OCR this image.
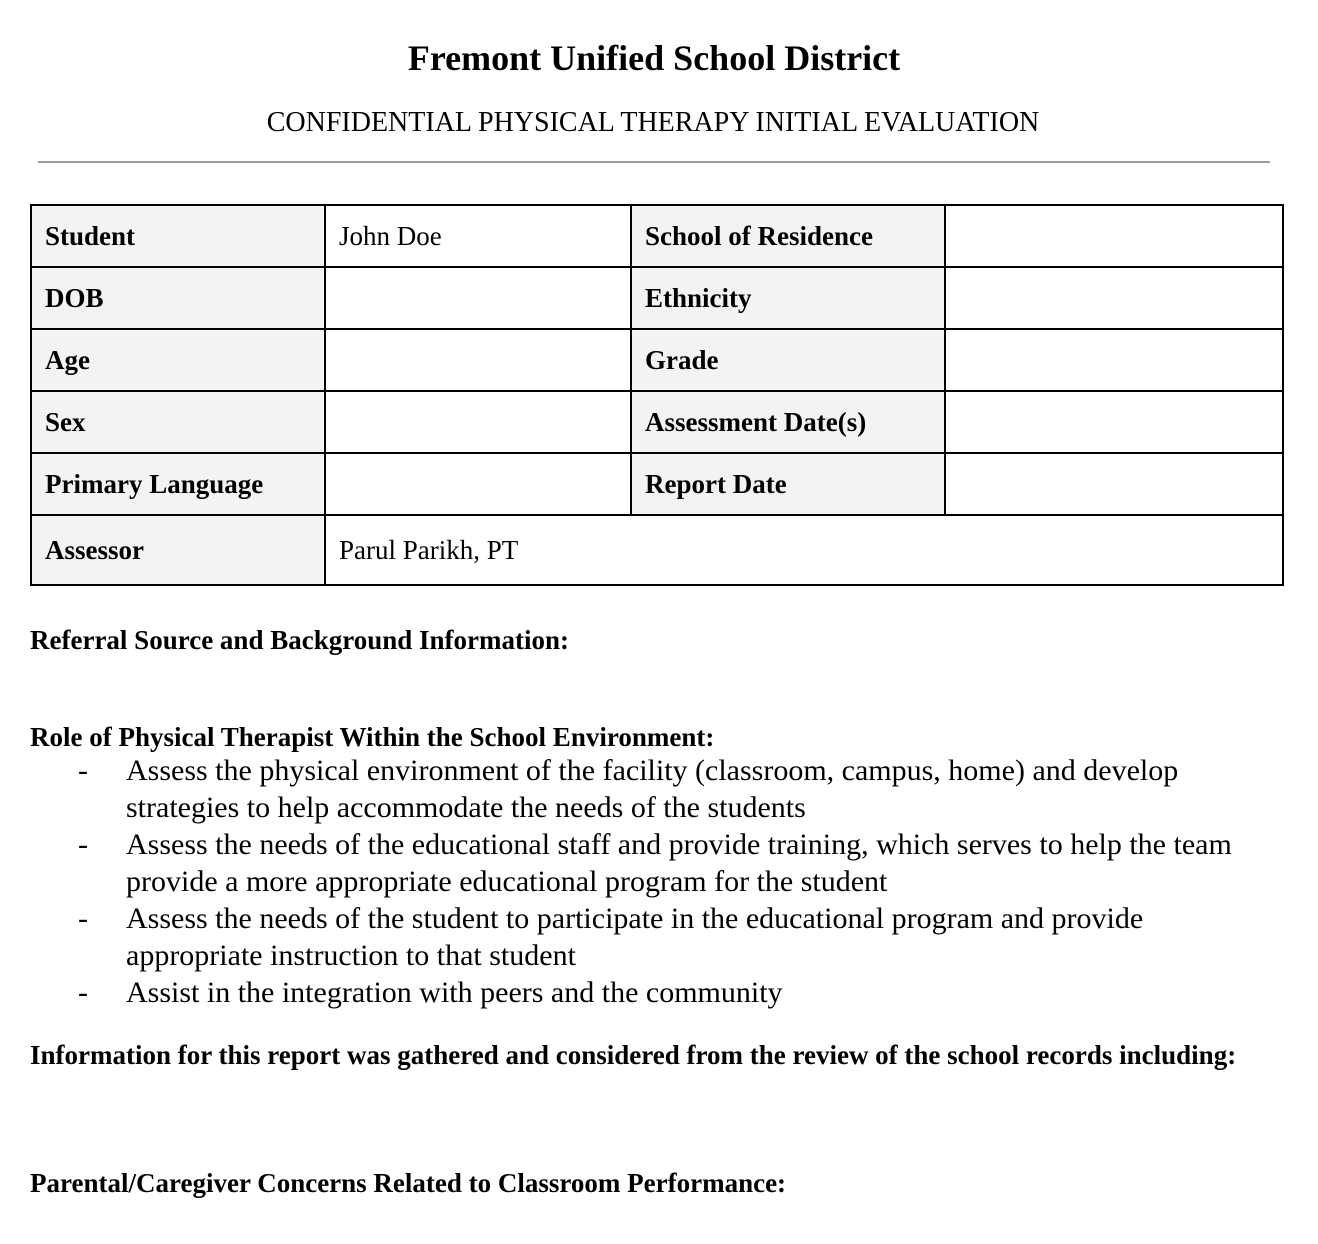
Fremont Unified School District
CONFIDENTIAL PHYSICAL THERAPY INITIAL EVALUATION
Student	John Doe	School of Residence	
DOB		Ethnicity	
Age		Grade	
Sex		Assessment Date(s)	
Primary Language		Report Date	
Assessor	Parul Parikh, PT		
Referral Source and Background Information:
Role of Physical Therapist Within the School Environment:
- Assess the physical environment of the facility (classroom, campus, home) and develop strategies to help accommodate the needs of the students
- Assess the needs of the educational staff and provide training, which serves to help the team provide a more appropriate educational program for the student
- Assess the needs of the student to participate in the educational program and provide appropriate instruction to that student
- Assist in the integration with peers and the community
Information for this report was gathered and considered from the review of the school records including:
Parental/Caregiver Concerns Related to Classroom Performance:
